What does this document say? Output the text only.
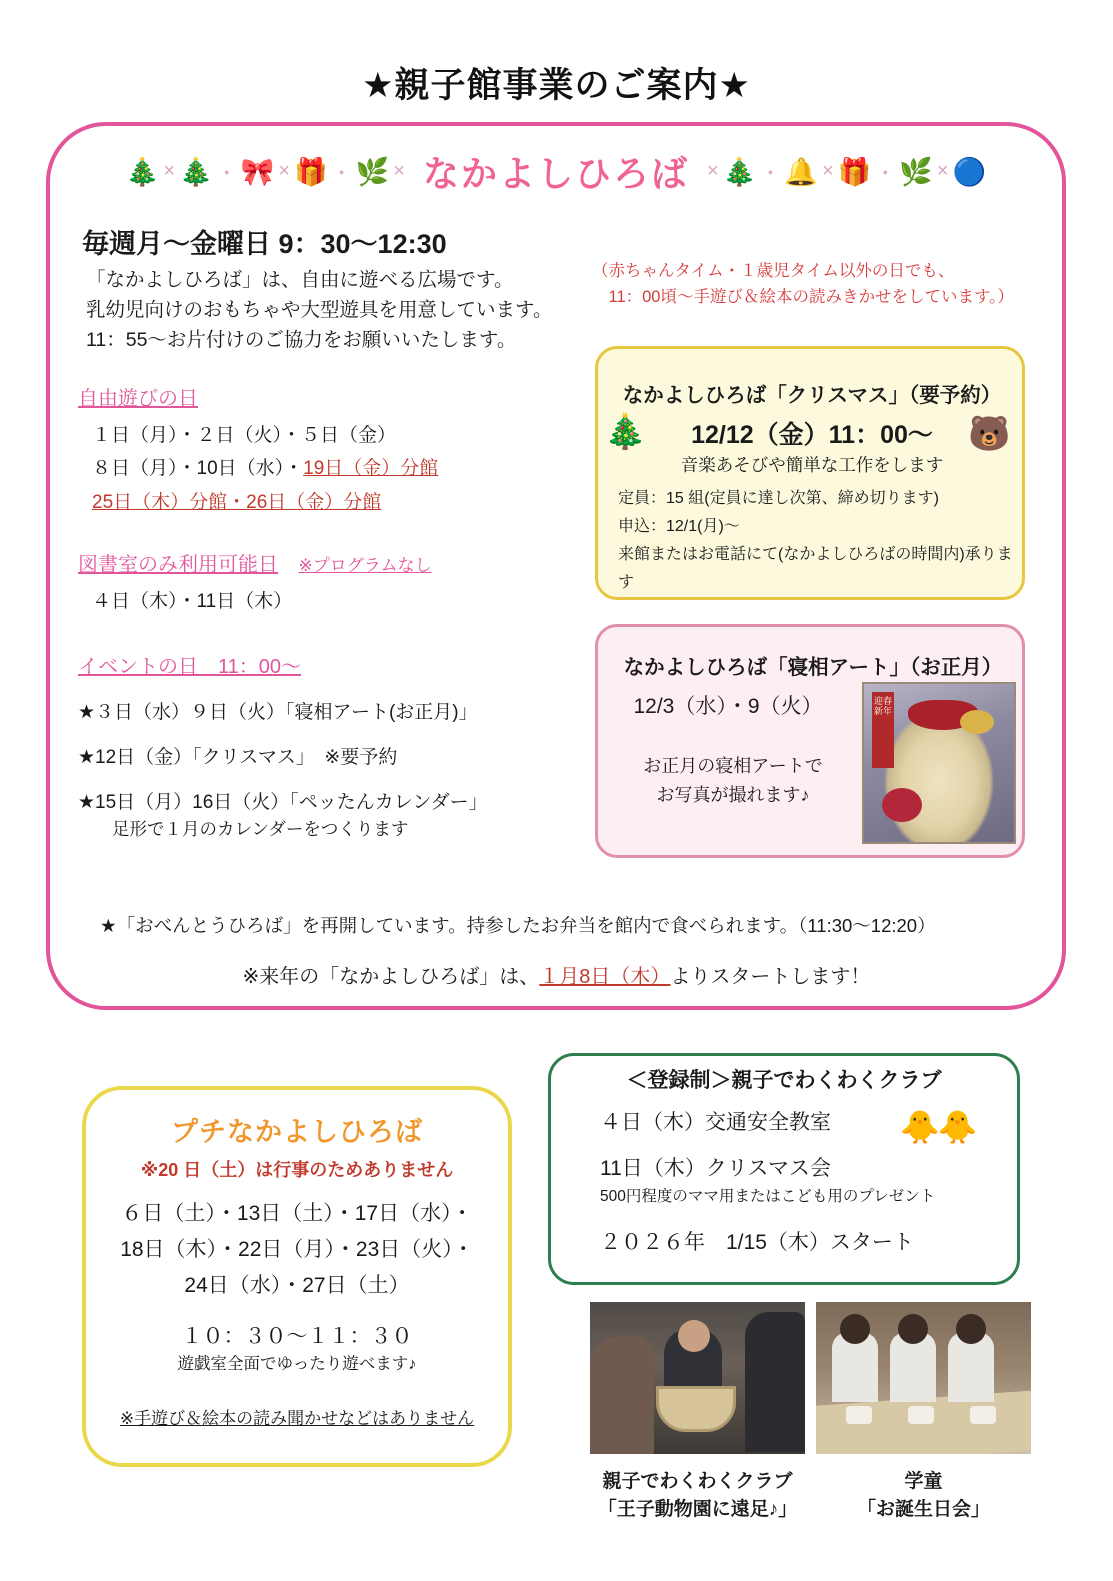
★親子館事業のご案内★
🎄 × 🎄 ・ 🎀 × 🎁 ・ 🌿 × なかよしひろば × 🎄 ・ 🔔 × 🎁 ・ 🌿 × 🔵
毎週月～金曜日 9：30～12:30
「なかよしひろば」は、自由に遊べる広場です。
乳幼児向けのおもちゃや大型遊具を用意しています。
11：55～お片付けのご協力をお願いいたします。
（赤ちゃんタイム・１歳児タイム以外の日でも、
　11：00頃～手遊び＆絵本の読みきかせをしています。）
自由遊びの日
１日（月）・２日（火）・５日（金）
８日（月）・10日（水）・19日（金）分館
25日（木）分館・26日（金）分館
図書室のみ利用可能日 ※プログラムなし
４日（木）・11日（木）
イベントの日　11：00～
★３日（水）９日（火）「寝相アート(お正月)」
★12日（金）「クリスマス」　※要予約
★15日（月）16日（火）「ペッたんカレンダー」
足形で１月のカレンダーをつくります
なかよしひろば「クリスマス」（要予約）
🎄	🐻
12/12（金）11：00～
音楽あそびや簡単な工作をします
定員：15 組(定員に達し次第、締め切ります)
申込：12/1(月)～
来館またはお電話にて(なかよしひろばの時間内)承ります
なかよしひろば「寝相アート」（お正月）
12/3（水）・9（火）
お正月の寝相アートで
お写真が撮れます♪
迎春新年
★「おべんとうひろば」を再開しています。持参したお弁当を館内で食べられます。（11:30～12:20）
※来年の「なかよしひろば」は、１月8日（木）よりスタートします！
プチなかよしひろば
※20 日（土）は行事のためありません
６日（土）・13日（土）・17日（水）・
18日（木）・22日（月）・23日（火）・
24日（水）・27日（土）
１０：３０～１１：３０
遊戯室全面でゆったり遊べます♪
※手遊び＆絵本の読み聞かせなどはありません
＜登録制＞親子でわくわくクラブ
４日（木）交通安全教室
11日（木）クリスマス会
500円程度のママ用またはこども用のプレゼント
２０２６年　1/15（木）スタート
🐥🐥
親子でわくわくクラブ
「王子動物園に遠足♪」
学童
「お誕生日会」
